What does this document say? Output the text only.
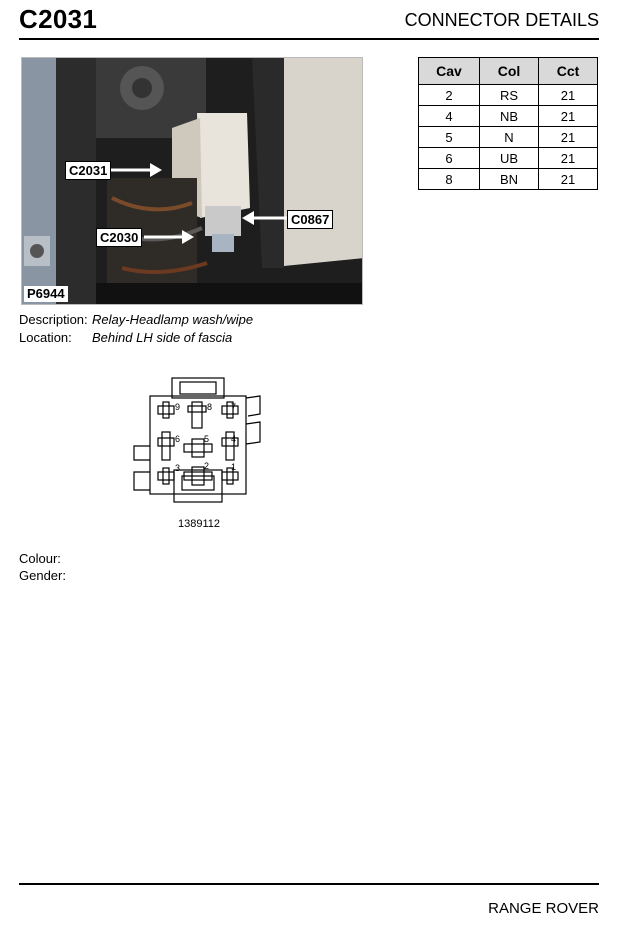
C2031	CONNECTOR DETAILS
C2031
C0867
C2030
P6944
Cav	Col	Cct
2	RS	21
4	NB	21
5	N	21
6	UB	21
8	BN	21
Description: Relay-Headlamp wash/wipe
Location: Behind LH side of fascia
9	8 7
6	5 4
3	2 1
1389112
Colour:
Gender:
RANGE ROVER
